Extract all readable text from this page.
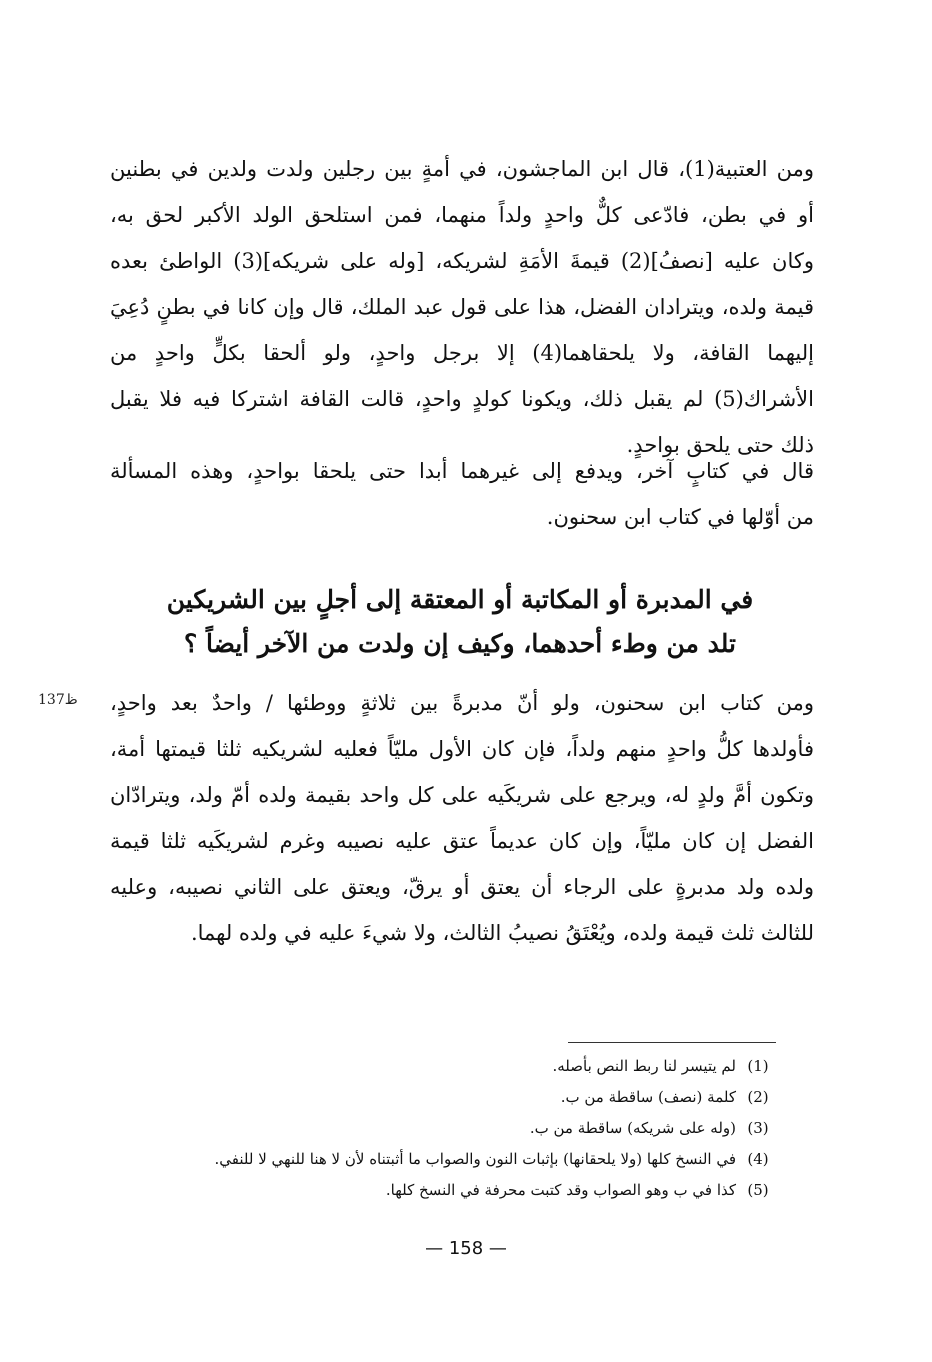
ومن العتبية(1)، قال ابن الماجشون، في أمةٍ بين رجلين ولدت ولدين في بطنين
أو في بطن، فادّعى كلٌّ واحدٍ ولداً منهما، فمن استلحق الولد الأكبر لحق به،
وكان عليه [نصفُ](2) قيمةَ الأمَةِ لشريكه، [وله على شريكه](3) الواطئ بعده
قيمة ولده، ويترادان الفضل، هذا على قول عبد الملك، قال وإن كانا في بطنٍ دُعِيَ
إليهما القافة، ولا يلحقاهما(4) إلا برجل واحدٍ، ولو ألحقا بكلٍّ واحدٍ من
الأشراك(5) لم يقبل ذلك، ويكونا كولدٍ واحدٍ، قالت القافة اشتركا فيه فلا يقبل
ذلك حتى يلحق بواحدٍ.
قال في كتابٍ آخر، ويدفع إلى غيرهما أبدا حتى يلحقا بواحدٍ، وهذه المسألة
من أوّلها في كتاب ابن سحنون.
في المدبرة أو المكاتبة أو المعتقة إلى أجلٍ بين الشريكين
تلد من وطء أحدهما، وكيف إن ولدت من الآخر أيضاً ؟
ظ137 ومن كتاب ابن سحنون، ولو أنّ مدبرةً بين ثلاثةٍ ووطئها / واحدٌ بعد واحدٍ،
فأولدها كلُّ واحدٍ منهم ولداً، فإن كان الأول مليّاً فعليه لشريكيه ثلثا قيمتها أمة،
وتكون أمَّ ولدٍ له، ويرجع على شريكَيه على كل واحد بقيمة ولده أمّ ولد، ويترادّان
الفضل إن كان مليّاً، وإن كان عديماً عتق عليه نصيبه وغرم لشريكَيه ثلثا قيمة
ولده ولد مدبرةٍ على الرجاء أن يعتق أو يرقّ، ويعتق على الثاني نصيبه، وعليه
للثالث ثلث قيمة ولده، ويُعْتَقُ نصيبُ الثالث، ولا شيءَ عليه في ولده لهما.
(1)
لم يتيسر لنا ربط النص بأصله.
(2)
كلمة (نصف) ساقطة من ب.
(3)
(وله على شريكه) ساقطة من ب.
(4)
في النسخ كلها (ولا يلحقانها) بإثبات النون والصواب ما أثبتناه لأن لا هنا للنهي لا للنفي.
(5)
كذا في ب وهو الصواب وقد كتبت محرفة في النسخ كلها.
— 158 —
